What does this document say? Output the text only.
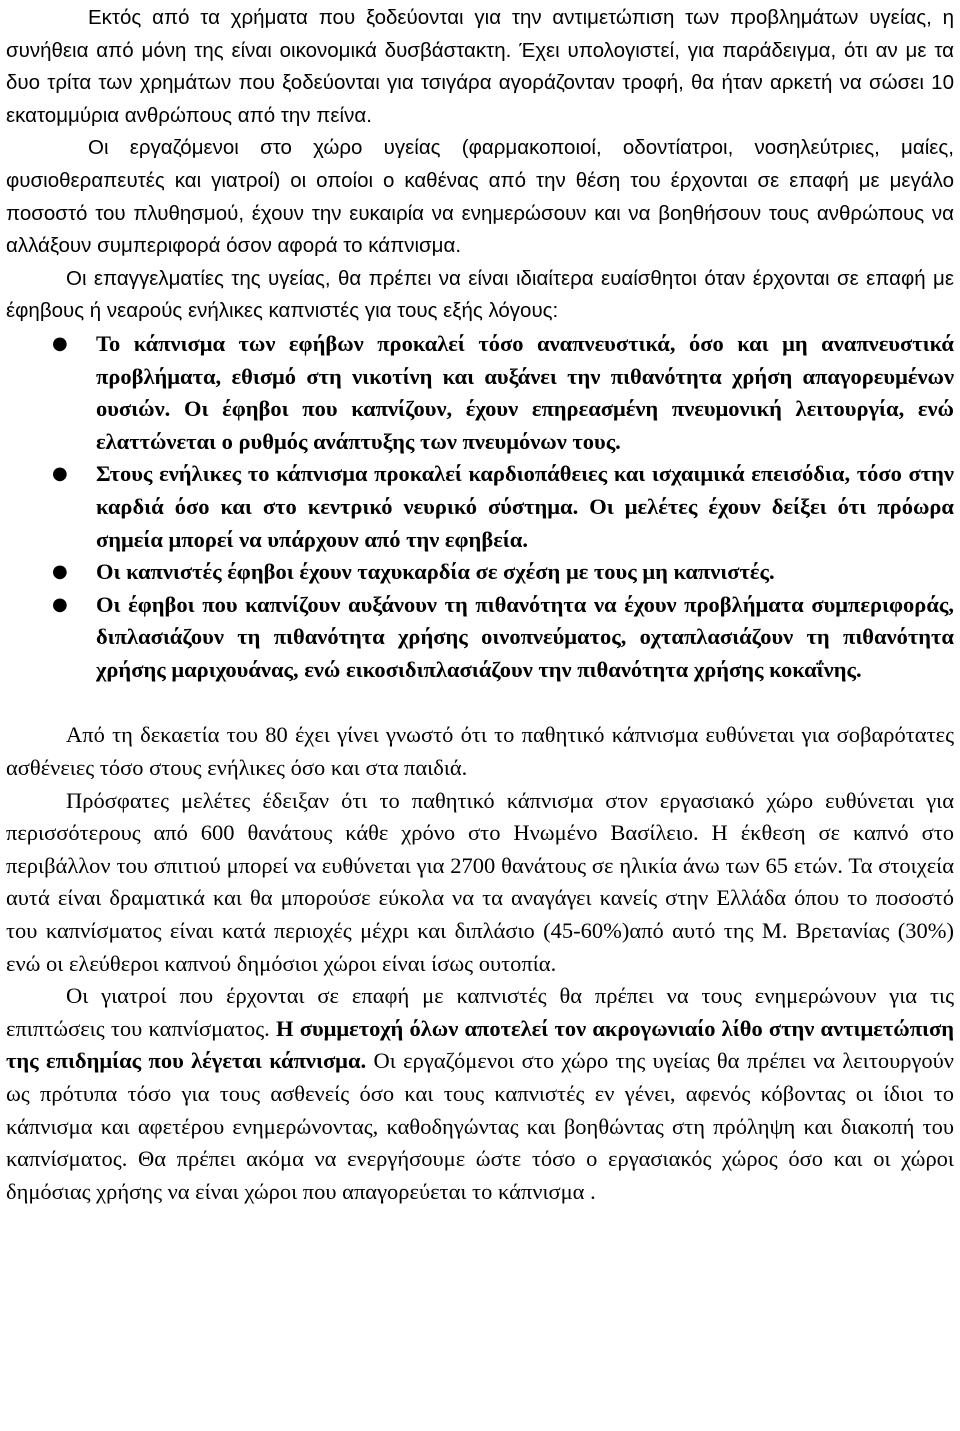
Εκτός από τα χρήματα που ξοδεύονται για την αντιμετώπιση των προβλημάτων υγείας, η συνήθεια από μόνη της είναι οικονομικά δυσβάστακτη. Έχει υπολογιστεί, για παράδειγμα, ότι αν με τα δυο τρίτα των χρημάτων που ξοδεύονται για τσιγάρα αγοράζονταν τροφή, θα ήταν αρκετή να σώσει 10 εκατομμύρια ανθρώπους από την πείνα.

Οι εργαζόμενοι στο χώρο υγείας (φαρμακοποιοί, οδοντίατροι, νοσηλεύτριες, μαίες, φυσιοθεραπευτές και γιατροί) οι οποίοι ο καθένας από την θέση του έρχονται σε επαφή με μεγάλο ποσοστό του πλυθησμού, έχουν την ευκαιρία να ενημερώσουν και να βοηθήσουν τους ανθρώπους να αλλάξουν συμπεριφορά όσον αφορά το κάπνισμα.

Οι επαγγελματίες της υγείας, θα πρέπει να είναι ιδιαίτερα ευαίσθητοι όταν έρχονται σε επαφή με έφηβους ή νεαρούς ενήλικες καπνιστές για τους εξής λόγους:

● Το κάπνισμα των εφήβων προκαλεί τόσο αναπνευστικά, όσο και μη αναπνευστικά προβλήματα, εθισμό στη νικοτίνη και αυξάνει την πιθανότητα χρήση απαγορευμένων ουσιών. Οι έφηβοι που καπνίζουν, έχουν επηρεασμένη πνευμονική λειτουργία, ενώ ελαττώνεται ο ρυθμός ανάπτυξης των πνευμόνων τους.
● Στους ενήλικες το κάπνισμα προκαλεί καρδιοπάθειες και ισχαιμικά επεισόδια, τόσο στην καρδιά όσο και στο κεντρικό νευρικό σύστημα. Οι μελέτες έχουν δείξει ότι πρόωρα σημεία μπορεί να υπάρχουν από την εφηβεία.
● Οι καπνιστές έφηβοι έχουν ταχυκαρδία σε σχέση με τους μη καπνιστές.
● Οι έφηβοι που καπνίζουν αυξάνουν τη πιθανότητα να έχουν προβλήματα συμπεριφοράς, διπλασιάζουν τη πιθανότητα χρήσης οινοπνεύματος, οχταπλασιάζουν τη πιθανότητα χρήσης μαριχουάνας, ενώ εικοσιδιπλασιάζουν την πιθανότητα χρήσης κοκαΐνης.

Από τη δεκαετία του 80 έχει γίνει γνωστό ότι το παθητικό κάπνισμα ευθύνεται για σοβαρότατες ασθένειες τόσο στους ενήλικες όσο και στα παιδιά.

Πρόσφατες μελέτες έδειξαν ότι το παθητικό κάπνισμα στον εργασιακό χώρο ευθύνεται για περισσότερους από 600 θανάτους κάθε χρόνο στο Ηνωμένο Βασίλειο. Η έκθεση σε καπνό στο περιβάλλον του σπιτιού μπορεί να ευθύνεται για 2700 θανάτους σε ηλικία άνω των 65 ετών. Τα στοιχεία αυτά είναι δραματικά και θα μπορούσε εύκολα να τα αναγάγει κανείς στην Ελλάδα όπου το ποσοστό του καπνίσματος είναι κατά περιοχές μέχρι και διπλάσιο (45-60%)από αυτό της Μ. Βρετανίας (30%) ενώ οι ελεύθεροι καπνού δημόσιοι χώροι είναι ίσως ουτοπία.

Οι γιατροί που έρχονται σε επαφή με καπνιστές θα πρέπει να τους ενημερώνουν για τις επιπτώσεις του καπνίσματος. Η συμμετοχή όλων αποτελεί τον ακρογωνιαίο λίθο στην αντιμετώπιση της επιδημίας που λέγεται κάπνισμα. Οι εργαζόμενοι στο χώρο της υγείας θα πρέπει να λειτουργούν ως πρότυπα τόσο για τους ασθενείς όσο και τους καπνιστές εν γένει, αφενός κόβοντας οι ίδιοι το κάπνισμα και αφετέρου ενημερώνοντας, καθοδηγώντας και βοηθώντας στη πρόληψη και διακοπή του καπνίσματος. Θα πρέπει ακόμα να ενεργήσουμε ώστε τόσο ο εργασιακός χώρος όσο και οι χώροι δημόσιας χρήσης να είναι χώροι που απαγορεύεται το κάπνισμα .
